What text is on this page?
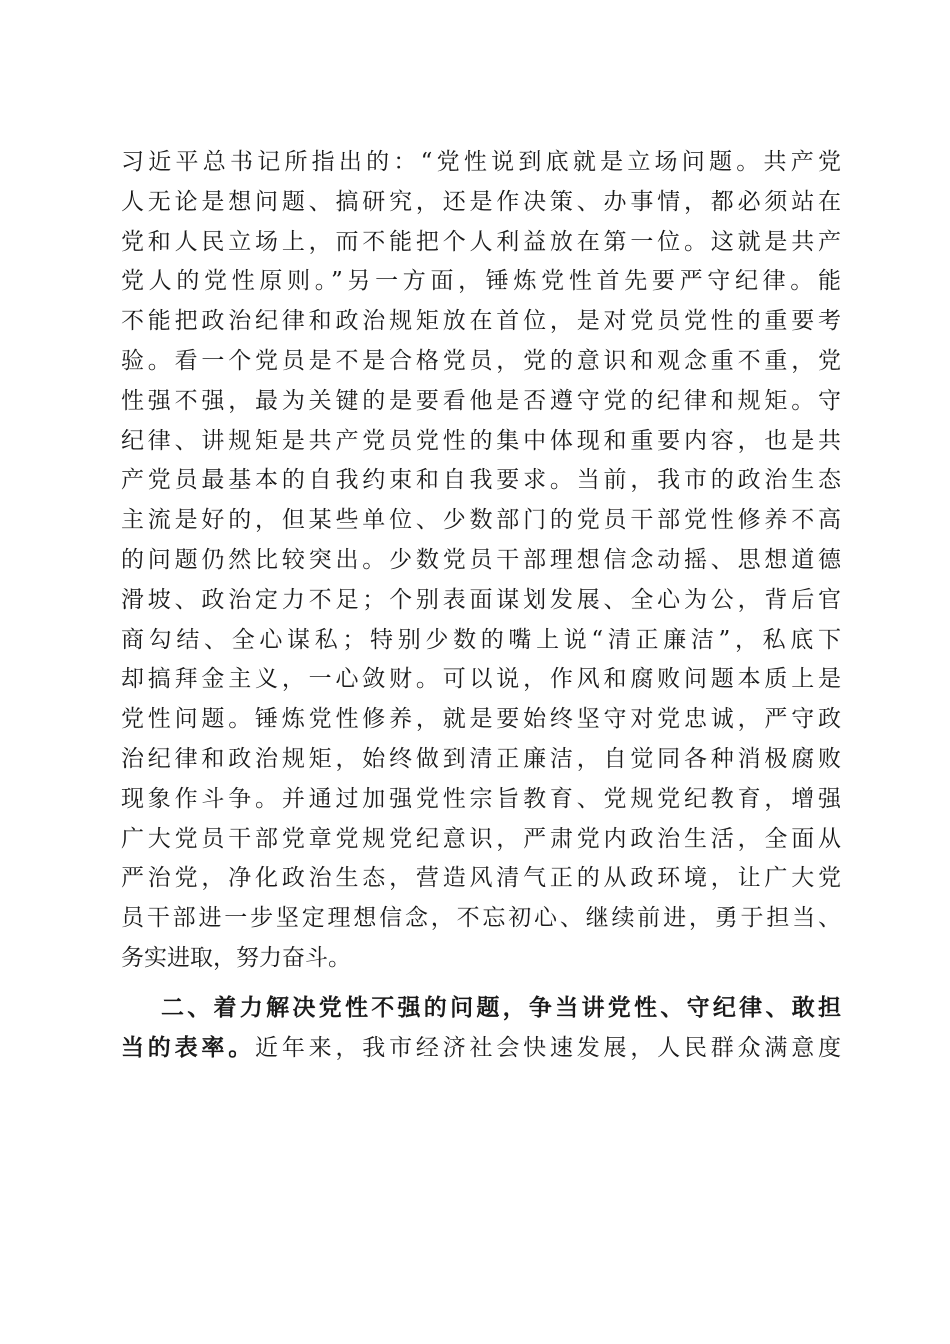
习近平总书记所指出的：“党性说到底就是立场问题。共产党
人无论是想问题、搞研究，还是作决策、办事情，都必须站在
党和人民立场上，而不能把个人利益放在第一位。这就是共产
党人的党性原则。”另一方面，锤炼党性首先要严守纪律。能
不能把政治纪律和政治规矩放在首位，是对党员党性的重要考
验。看一个党员是不是合格党员，党的意识和观念重不重，党
性强不强，最为关键的是要看他是否遵守党的纪律和规矩。守
纪律、讲规矩是共产党员党性的集中体现和重要内容，也是共
产党员最基本的自我约束和自我要求。当前，我市的政治生态
主流是好的，但某些单位、少数部门的党员干部党性修养不高
的问题仍然比较突出。少数党员干部理想信念动摇、思想道德
滑坡、政治定力不足；个别表面谋划发展、全心为公，背后官
商勾结、全心谋私；特别少数的嘴上说“清正廉洁”，私底下
却搞拜金主义，一心敛财。可以说，作风和腐败问题本质上是
党性问题。锤炼党性修养，就是要始终坚守对党忠诚，严守政
治纪律和政治规矩，始终做到清正廉洁，自觉同各种消极腐败
现象作斗争。并通过加强党性宗旨教育、党规党纪教育，增强
广大党员干部党章党规党纪意识，严肃党内政治生活，全面从
严治党，净化政治生态，营造风清气正的从政环境，让广大党
员干部进一步坚定理想信念，不忘初心、继续前进，勇于担当、
务实进取，努力奋斗。
二、着力解决党性不强的问题，争当讲党性、守纪律、敢担
当的表率。近年来，我市经济社会快速发展，人民群众满意度
